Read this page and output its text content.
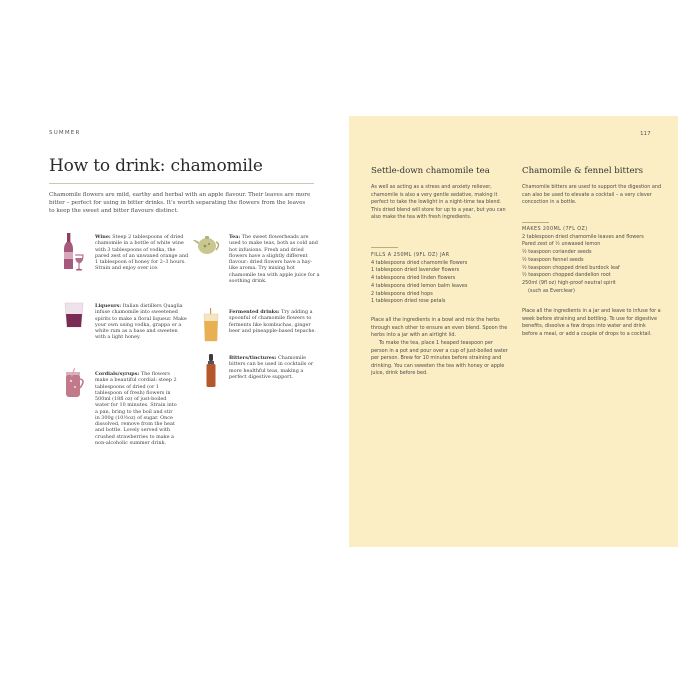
SUMMER
How to drink: chamomile
Chamomile flowers are mild, earthy and herbal with an apple flavour. Their leaves are more bitter – perfect for using in bitter drinks. It's worth separating the flowers from the leaves to keep the sweet and bitter flavours distinct.
Wine: Steep 2 tablespoons of dried chamomile in a bottle of white wine with 3 tablespoons of vodka, the pared zest of an unwaxed orange and 1 tablespoon of honey for 2–3 hours. Strain and enjoy over ice.
Tea: The sweet flowerheads are used to make teas, both as cold and hot infusions. Fresh and dried flowers have a slightly different flavour: dried flowers have a hay-like aroma. Try mixing hot chamomile tea with apple juice for a soothing drink.
Liqueurs: Italian distillers Quaglia infuse chamomile into sweetened spirits to make a floral liqueur. Make your own using vodka, grappa or a white rum as a base and sweeten with a light honey.
Fermented drinks: Try adding a spoonful of chamomile flowers to ferments like kombuchas, ginger beer and pineapple-based tepache.
Cordials/syrups: The flowers make a beautiful cordial: steep 2 tablespoons of dried (or 1 tablespoon of fresh) flowers in 500ml (18fl oz) of just-boiled water for 10 minutes. Strain into a pan, bring to the boil and stir in 300g (10½oz) of sugar. Once dissolved, remove from the heat and bottle. Lovely served with crushed strawberries to make a non-alcoholic summer drink.
Bitters/tinctures: Chamomile bitters can be used in cocktails or more healthful teas, making a perfect digestive support.
117
Settle-down chamomile tea
As well as acting as a stress and anxiety reliever, chamomile is also a very gentle sedative, making it perfect to take the lowlight in a night-time tea blend. This dried blend will store for up to a year, but you can also make the tea with fresh ingredients.
FILLS A 250ML (9FL OZ) JAR
4 tablespoons dried chamomile flowers
1 tablespoon dried lavender flowers
4 tablespoons dried linden flowers
4 tablespoons dried lemon balm leaves
2 tablespoons dried hops
1 tablespoon dried rose petals
Place all the ingredients in a bowl and mix the herbs through each other to ensure an even blend. Spoon the herbs into a jar with an airtight lid.
To make the tea, place 1 heaped teaspoon per person in a pot and pour over a cup of just-boiled water per person. Brew for 10 minutes before straining and drinking. You can sweeten the tea with honey or apple juice, drink before bed.
Chamomile & fennel bitters
Chamomile bitters are used to support the digestion and can also be used to elevate a cocktail – a very clever concoction in a bottle.
MAKES 200ML (7FL OZ)
2 tablespoon dried chamomile leaves and flowers
Pared zest of ½ unwaxed lemon
½ teaspoon coriander seeds
½ teaspoon fennel seeds
½ teaspoon chopped dried burdock leaf
½ teaspoon chopped dandelion root
250ml (9fl oz) high-proof neutral spirit
(such as Everclear)
Place all the ingredients in a jar and leave to infuse for a week before straining and bottling. To use for digestive benefits, dissolve a few drops into water and drink before a meal, or add a couple of drops to a cocktail.
